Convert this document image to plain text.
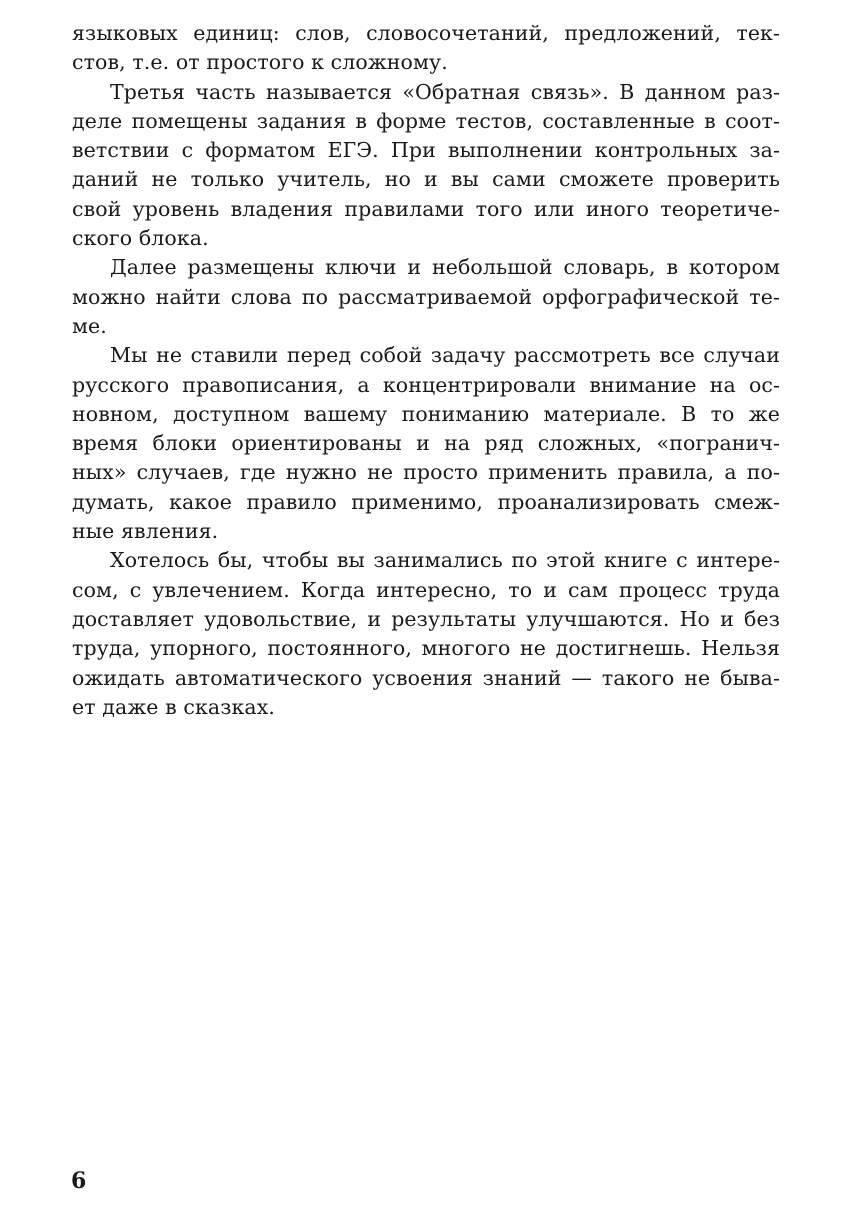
языковых единиц: слов, словосочетаний, предложений, тек-
стов, т.е. от простого к сложному.
Третья часть называется «Обратная связь». В данном раз-
деле помещены задания в форме тестов, составленные в соот-
ветствии с форматом ЕГЭ. При выполнении контрольных за-
даний не только учитель, но и вы сами сможете проверить
свой уровень владения правилами того или иного теоретиче-
ского блока.
Далее размещены ключи и небольшой словарь, в котором
можно найти слова по рассматриваемой орфографической те-
ме.
Мы не ставили перед собой задачу рассмотреть все случаи
русского правописания, а концентрировали внимание на ос-
новном, доступном вашему пониманию материале. В то же
время блоки ориентированы и на ряд сложных, «погранич-
ных» случаев, где нужно не просто применить правила, а по-
думать, какое правило применимо, проанализировать смеж-
ные явления.
Хотелось бы, чтобы вы занимались по этой книге с интере-
сом, с увлечением. Когда интересно, то и сам процесс труда
доставляет удовольствие, и результаты улучшаются. Но и без
труда, упорного, постоянного, многого не достигнешь. Нельзя
ожидать автоматического усвоения знаний — такого не быва-
ет даже в сказках.
6
